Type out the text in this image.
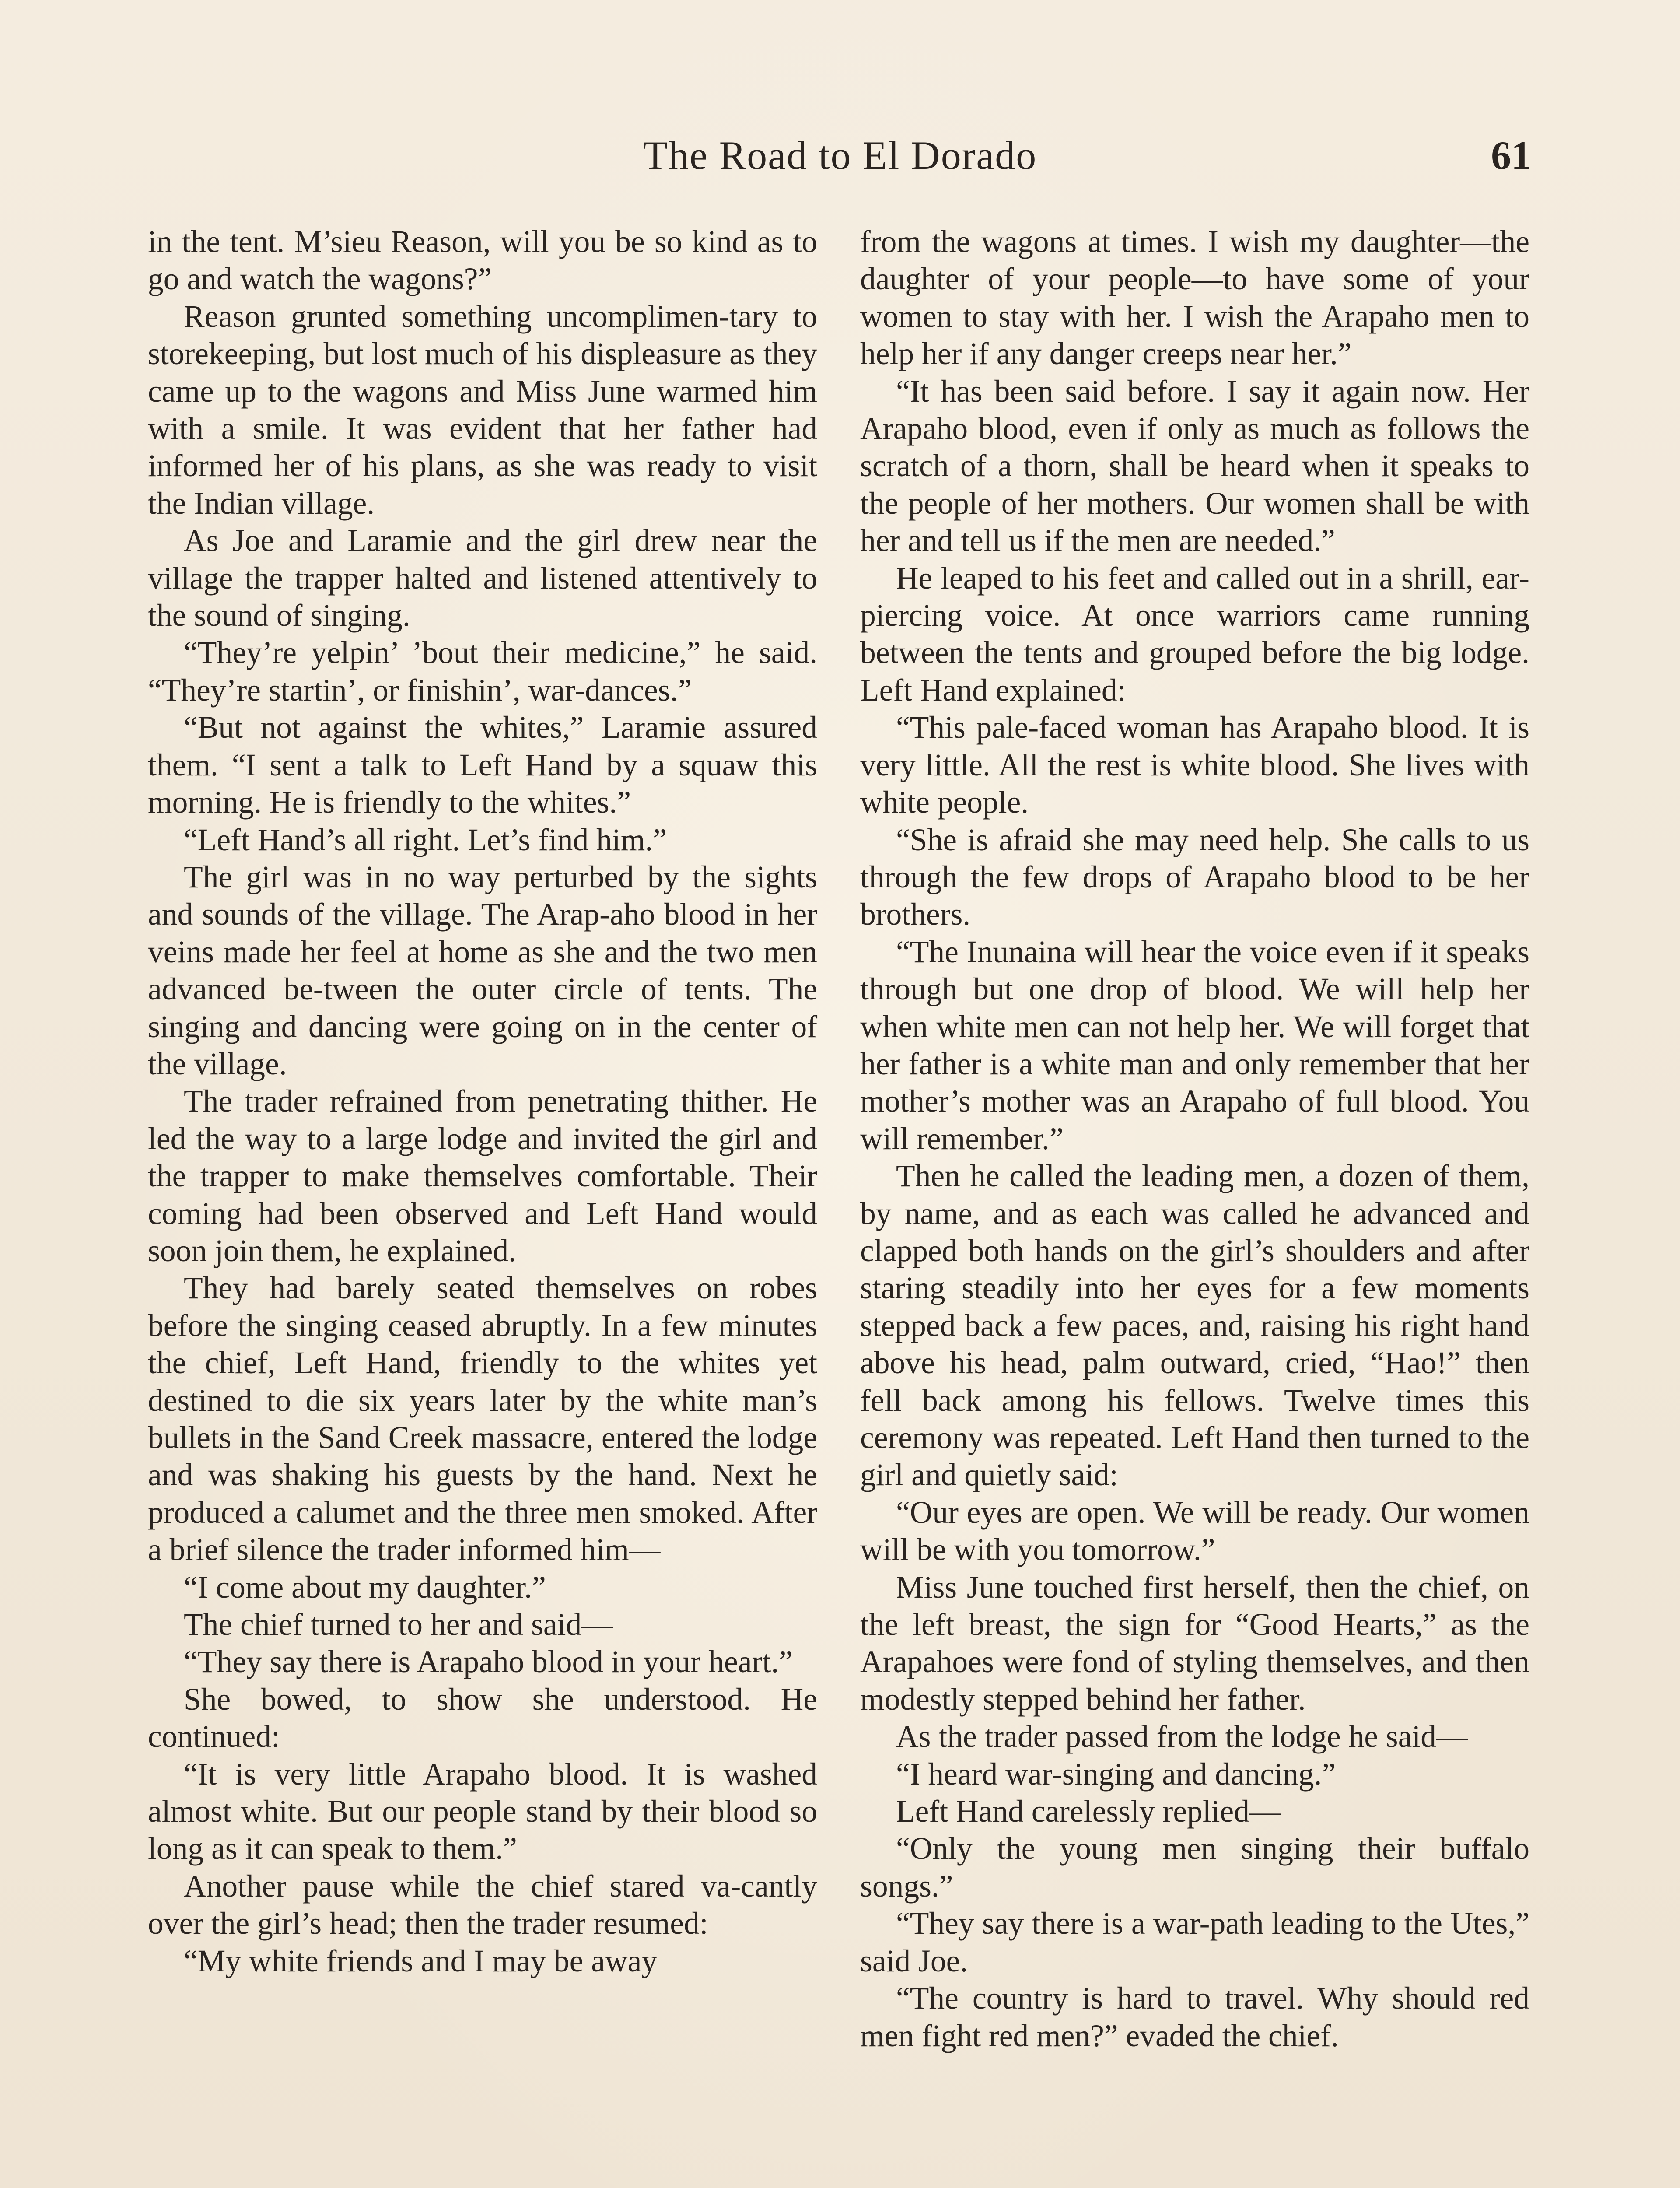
The Road to El Dorado	61

in the tent. M’sieu Reason, will you be so kind as to go and watch the wagons?”

Reason grunted something uncomplimen-tary to storekeeping, but lost much of his displeasure as they came up to the wagons and Miss June warmed him with a smile. It was evident that her father had informed her of his plans, as she was ready to visit the Indian village.

As Joe and Laramie and the girl drew near the village the trapper halted and listened attentively to the sound of singing.

“They’re yelpin’ ’bout their medicine,” he said. “They’re startin’, or finishin’, war-dances.”

“But not against the whites,” Laramie assured them. “I sent a talk to Left Hand by a squaw this morning. He is friendly to the whites.”

“Left Hand’s all right. Let’s find him.”

The girl was in no way perturbed by the sights and sounds of the village. The Arap-aho blood in her veins made her feel at home as she and the two men advanced be-tween the outer circle of tents. The singing and dancing were going on in the center of the village.

The trader refrained from penetrating thither. He led the way to a large lodge and invited the girl and the trapper to make themselves comfortable. Their coming had been observed and Left Hand would soon join them, he explained.

They had barely seated themselves on robes before the singing ceased abruptly. In a few minutes the chief, Left Hand, friendly to the whites yet destined to die six years later by the white man’s bullets in the Sand Creek massacre, entered the lodge and was shaking his guests by the hand. Next he produced a calumet and the three men smoked. After a brief silence the trader informed him—

“I come about my daughter.”

The chief turned to her and said—

“They say there is Arapaho blood in your heart.”

She bowed, to show she understood. He continued:

“It is very little Arapaho blood. It is washed almost white. But our people stand by their blood so long as it can speak to them.”

Another pause while the chief stared va-cantly over the girl’s head; then the trader resumed:

“My white friends and I may be away

from the wagons at times. I wish my daughter—the daughter of your people—to have some of your women to stay with her. I wish the Arapaho men to help her if any danger creeps near her.”

“It has been said before. I say it again now. Her Arapaho blood, even if only as much as follows the scratch of a thorn, shall be heard when it speaks to the people of her mothers. Our women shall be with her and tell us if the men are needed.”

He leaped to his feet and called out in a shrill, ear-piercing voice. At once warriors came running between the tents and grouped before the big lodge. Left Hand explained:

“This pale-faced woman has Arapaho blood. It is very little. All the rest is white blood. She lives with white people.

“She is afraid she may need help. She calls to us through the few drops of Arapaho blood to be her brothers.

“The Inunaina will hear the voice even if it speaks through but one drop of blood. We will help her when white men can not help her. We will forget that her father is a white man and only remember that her mother’s mother was an Arapaho of full blood. You will remember.”

Then he called the leading men, a dozen of them, by name, and as each was called he advanced and clapped both hands on the girl’s shoulders and after staring steadily into her eyes for a few moments stepped back a few paces, and, raising his right hand above his head, palm outward, cried, “Hao!” then fell back among his fellows. Twelve times this ceremony was repeated. Left Hand then turned to the girl and quietly said:

“Our eyes are open. We will be ready. Our women will be with you tomorrow.”

Miss June touched first herself, then the chief, on the left breast, the sign for “Good Hearts,” as the Arapahoes were fond of styling themselves, and then modestly stepped behind her father.

As the trader passed from the lodge he said—

“I heard war-singing and dancing.”

Left Hand carelessly replied—

“Only the young men singing their buffalo songs.”

“They say there is a war-path leading to the Utes,” said Joe.

“The country is hard to travel. Why should red men fight red men?” evaded the chief.
